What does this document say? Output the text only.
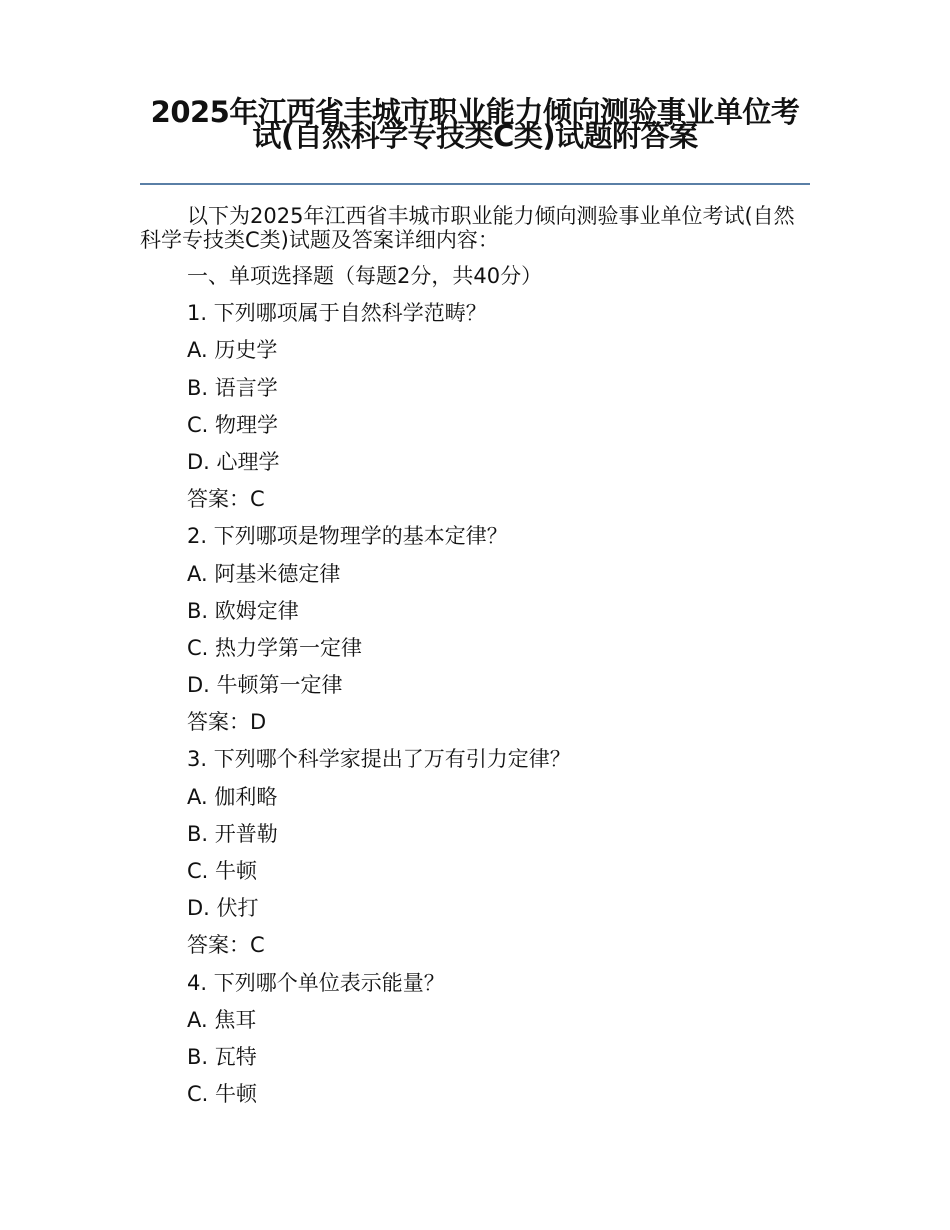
2025年江西省丰城市职业能力倾向测验事业单位考试(自然科学专技类C类)试题附答案

以下为2025年江西省丰城市职业能力倾向测验事业单位考试(自然科学专技类C类)试题及答案详细内容：

一、单项选择题（每题2分，共40分）
1. 下列哪项属于自然科学范畴？
A. 历史学
B. 语言学
C. 物理学
D. 心理学
答案：C
2. 下列哪项是物理学的基本定律？
A. 阿基米德定律
B. 欧姆定律
C. 热力学第一定律
D. 牛顿第一定律
答案：D
3. 下列哪个科学家提出了万有引力定律？
A. 伽利略
B. 开普勒
C. 牛顿
D. 伏打
答案：C
4. 下列哪个单位表示能量？
A. 焦耳
B. 瓦特
C. 牛顿
